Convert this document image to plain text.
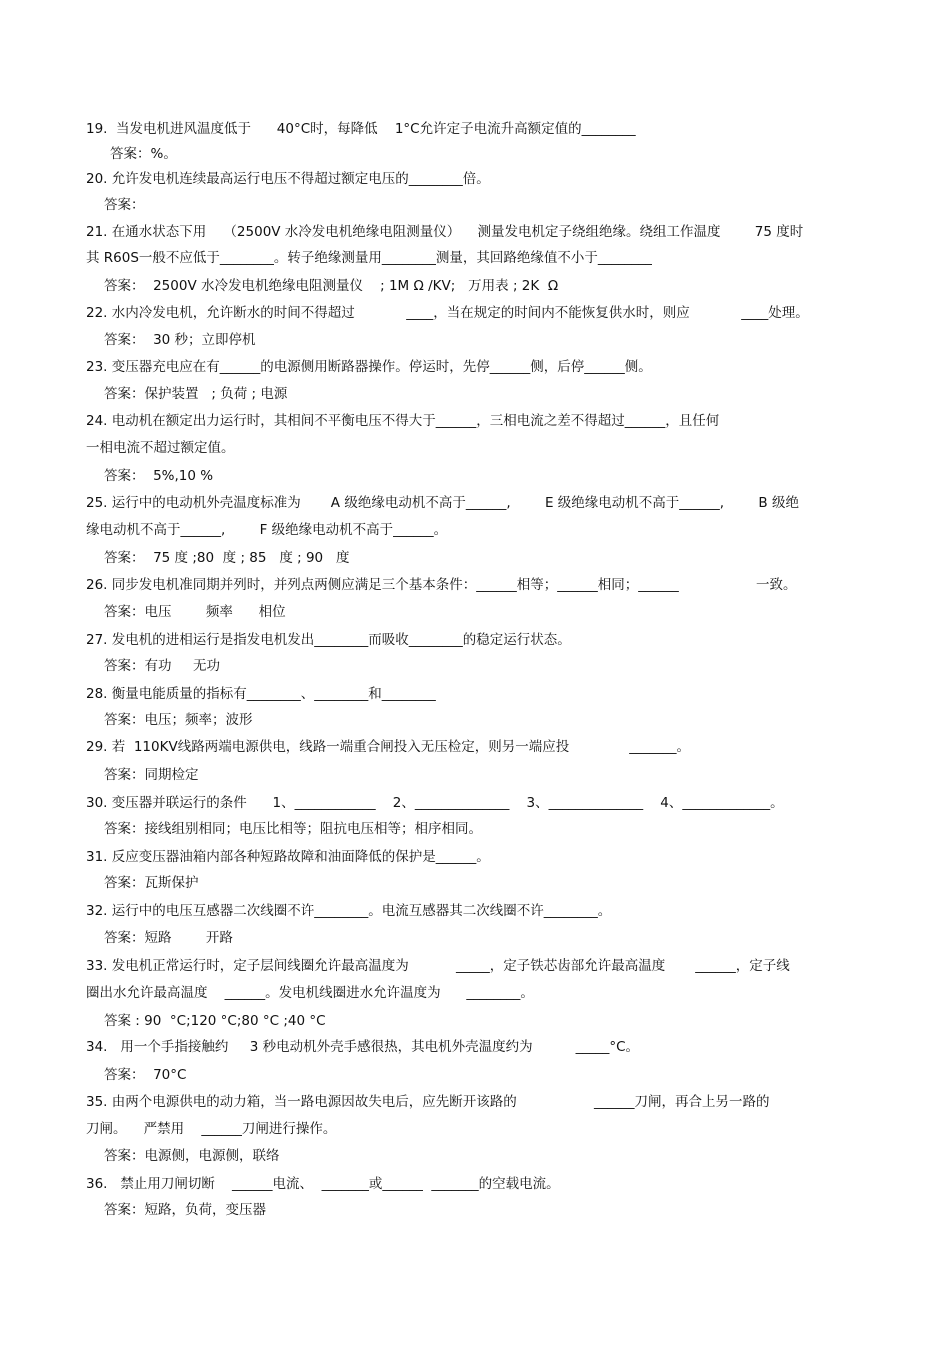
19.  当发电机进风温度低于      40°C时，每降低    1°C允许定子电流升高额定值的________
答案：%。
20. 允许发电机连续最高运行电压不得超过额定电压的________倍。
答案：
21. 在通水状态下用    （2500V 水冷发电机绝缘电阻测量仪）    测量发电机定子绕组绝缘。绕组工作温度        75 度时
其 R60S一般不应低于________。转子绝缘测量用________测量，其回路绝缘值不小于________
答案：  2500V 水冷发电机绝缘电阻测量仪    ; 1M Ω /KV;   万用表 ; 2K  Ω
22. 水内冷发电机，允许断水的时间不得超过            ____，当在规定的时间内不能恢复供水时，则应            ____处理。
答案：  30 秒；立即停机
23. 变压器充电应在有______的电源侧用断路器操作。停运时，先停______侧，后停______侧。
答案：保护装置   ; 负荷 ; 电源
24. 电动机在额定出力运行时，其相间不平衡电压不得大于______，三相电流之差不得超过______，且任何
一相电流不超过额定值。
答案：  5%,10 %
25. 运行中的电动机外壳温度标准为       A 级绝缘电动机不高于______,        E 级绝缘电动机不高于______,        B 级绝
缘电动机不高于______,        F 级绝缘电动机不高于______。
答案：  75 度 ;80  度 ; 85   度 ; 90   度
26. 同步发电机准同期并列时，并列点两侧应满足三个基本条件：______相等；______相同；______                  一致。
答案：电压        频率      相位
27. 发电机的进相运行是指发电机发出________而吸收________的稳定运行状态。
答案：有功     无功
28. 衡量电能质量的指标有________、________和________
答案：电压；频率；波形
29. 若  110KV线路两端电源供电，线路一端重合闸投入无压检定，则另一端应投              _______。
答案：同期检定
30. 变压器并联运行的条件      1、____________    2、______________    3、______________    4、_____________。
答案：接线组别相同；电压比相等；阻抗电压相等；相序相同。
31. 反应变压器油箱内部各种短路故障和油面降低的保护是______。
答案：瓦斯保护
32. 运行中的电压互感器二次线圈不许________。电流互感器其二次线圈不许________。
答案：短路        开路
33. 发电机正常运行时，定子层间线圈允许最高温度为           _____，定子铁芯齿部允许最高温度       ______，定子线
圈出水允许最高温度    ______。发电机线圈进水允许温度为      ________。
答案 : 90  °C;120 °C;80 °C ;40 °C
34.   用一个手指接触约     3 秒电动机外壳手感很热，其电机外壳温度约为          _____°C。
答案：  70°C
35. 由两个电源供电的动力箱，当一路电源因故失电后，应先断开该路的                  ______刀闸，再合上另一路的
刀闸。    严禁用    ______刀闸进行操作。
答案：电源侧，电源侧，联络
36.   禁止用刀闸切断    ______电流、  _______或______  _______的空载电流。
答案：短路，负荷，变压器
